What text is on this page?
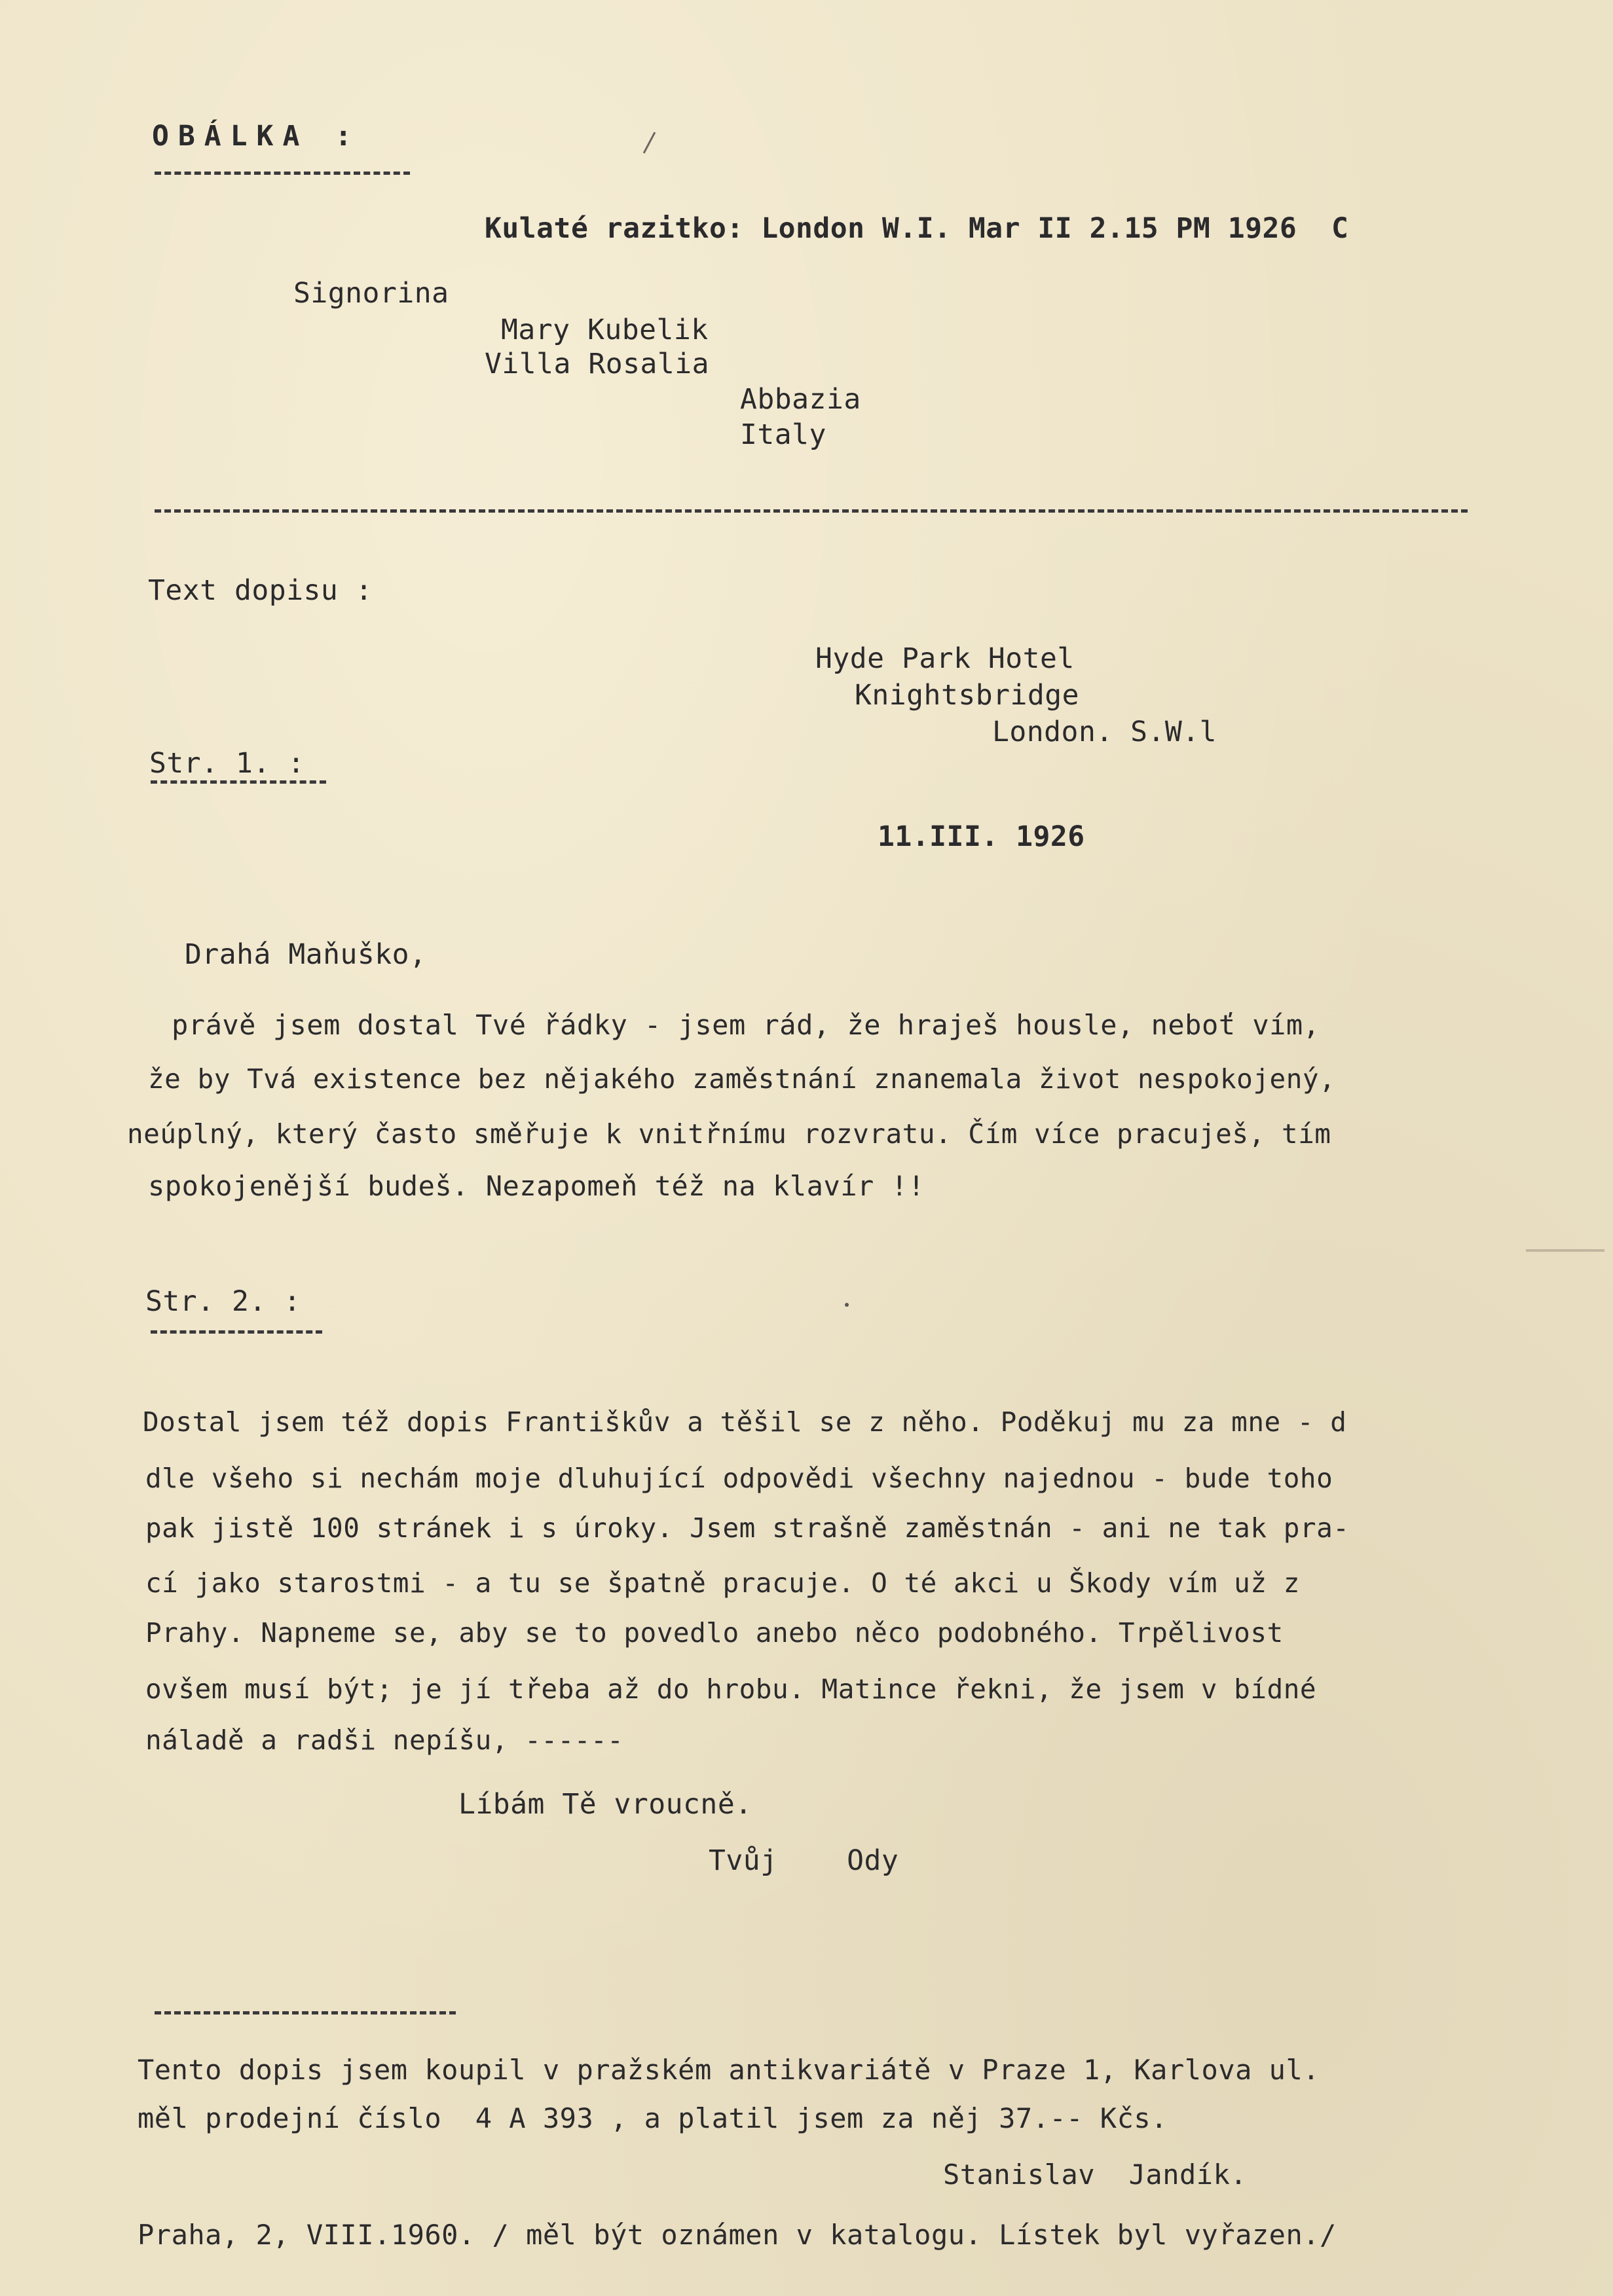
OBÁLKA :
Kulaté razitko: London W.I. Mar II 2.15 PM 1926  C
Signorina
Mary Kubelik
Villa Rosalia
Abbazia
Italy
Text dopisu :
Hyde Park Hotel
Knightsbridge
London. S.W.l
Str. 1. :
11.III. 1926
Drahá Maňuško,
právě jsem dostal Tvé řádky - jsem rád, že hraješ housle, neboť vím,
že by Tvá existence bez nějakého zaměstnání znanemala život nespokojený,
neúplný, který často směřuje k vnitřnímu rozvratu. Čím více pracuješ, tím
spokojenější budeš. Nezapomeň též na klavír !!
Str. 2. :
Dostal jsem též dopis Františkův a těšil se z něho. Poděkuj mu za mne - d
dle všeho si nechám moje dluhující odpovědi všechny najednou - bude toho
pak jistě 100 stránek i s úroky. Jsem strašně zaměstnán - ani ne tak pra-
cí jako starostmi - a tu se špatně pracuje. O té akci u Škody vím už z
Prahy. Napneme se, aby se to povedlo anebo něco podobného. Trpělivost
ovšem musí být; je jí třeba až do hrobu. Matince řekni, že jsem v bídné
náladě a radši nepíšu, ------
Líbám Tě vroucně.
Tvůj    Ody
Tento dopis jsem koupil v pražském antikvariátě v Praze 1, Karlova ul.
měl prodejní číslo  4 A 393 , a platil jsem za něj 37.-- Kčs.
Stanislav  Jandík.
Praha, 2, VIII.1960. / měl být oznámen v katalogu. Lístek byl vyřazen./
